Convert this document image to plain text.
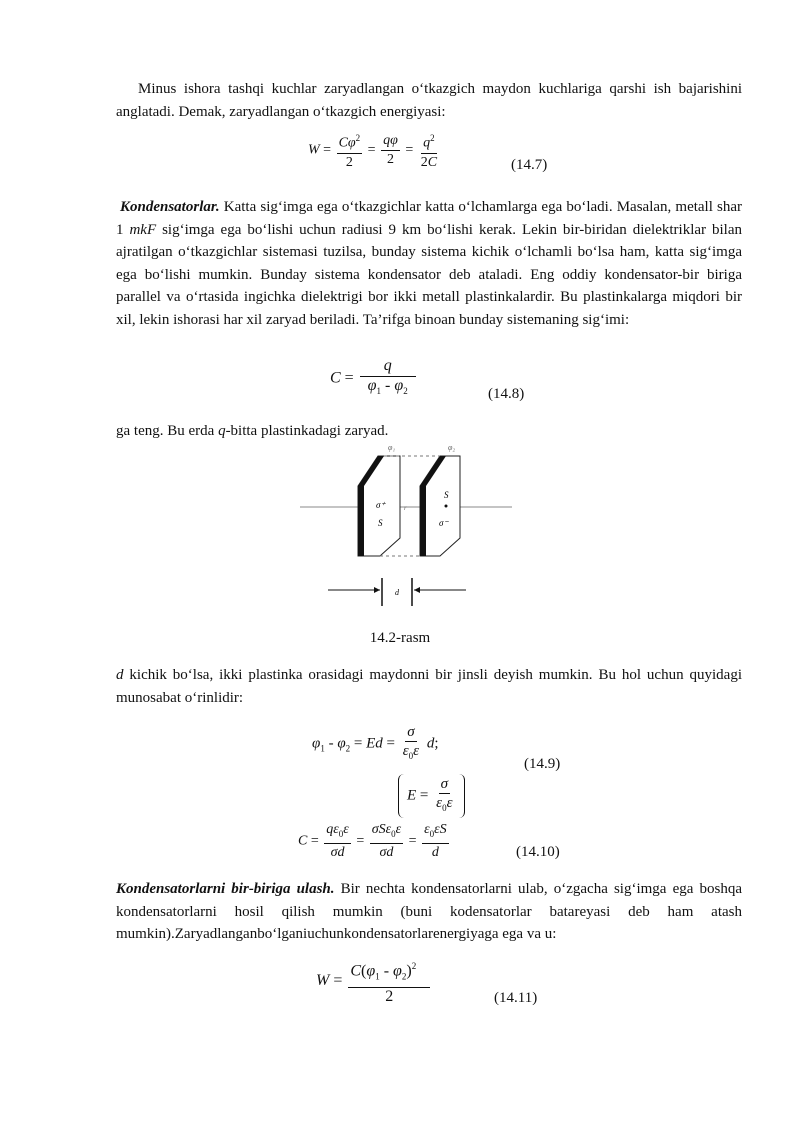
Minus ishora tashqi kuchlar zaryadlangan o‘tkazgich maydon kuchlariga qarshi ish bajarishini anglatadi. Demak, zaryadlangan o‘tkazgich energiyasi:

$W = \frac{C\varphi^2}{2} = \frac{q\varphi}{2} = \frac{q^2}{2C}$	(14.7)

Kondensatorlar. Katta sig‘imga ega o‘tkazgichlar katta o‘lchamlarga ega bo‘ladi. Masalan, metall shar 1 mkF sig‘imga ega bo‘lishi uchun radiusi 9 km bo‘lishi kerak. Lekin bir-biridan dielektriklar bilan ajratilgan o‘tkazgichlar sistemasi tuzilsa, bunday sistema kichik o‘lchamli bo‘lsa ham, katta sig‘imga ega bo‘lishi mumkin. Bunday sistema kondensator deb ataladi. Eng oddiy kondensator-bir biriga parallel va o‘rtasida ingichka dielektrigi bor ikki metall plastinkalardir. Bu plastinkalarga miqdori bir xil, lekin ishorasi har xil zaryad beriladi. Ta’rifga binoan bunday sistemaning sig‘imi:

$C = \frac{q}{\varphi_1 - \varphi_2}$	(14.8)

ga teng. Bu erda q-bitta plastinkadagi zaryad.

φ₁	φ₂
σ⁺
S
r
S
σ⁻
d
14.2-rasm

d kichik bo‘lsa, ikki plastinka orasidagi maydonni bir jinsli deyish mumkin. Bu hol uchun quyidagi munosabat o‘rinlidir:

$\varphi_1 - \varphi_2 = Ed = \frac{\sigma}{\varepsilon_0\varepsilon} d$;
(14.9)
$E = \frac{\sigma}{\varepsilon_0\varepsilon}$
$C = \frac{q\varepsilon_0\varepsilon}{\sigma d} = \frac{\sigma S\varepsilon_0\varepsilon}{\sigma d} = \frac{\varepsilon_0\varepsilon S}{d}$	(14.10)

Kondensatorlarni bir-biriga ulash. Bir nechta kondensatorlarni ulab, o‘zgacha sig‘imga ega boshqa kondensatorlarni hosil qilish mumkin (buni kodensatorlar batareyasi deb ham atash mumkin).Zaryadlanganbo‘lganiuchunkondensatorlarenergiyaga ega va u:

$W = \frac{C(\varphi_1 - \varphi_2)^2}{2}$	(14.11)
